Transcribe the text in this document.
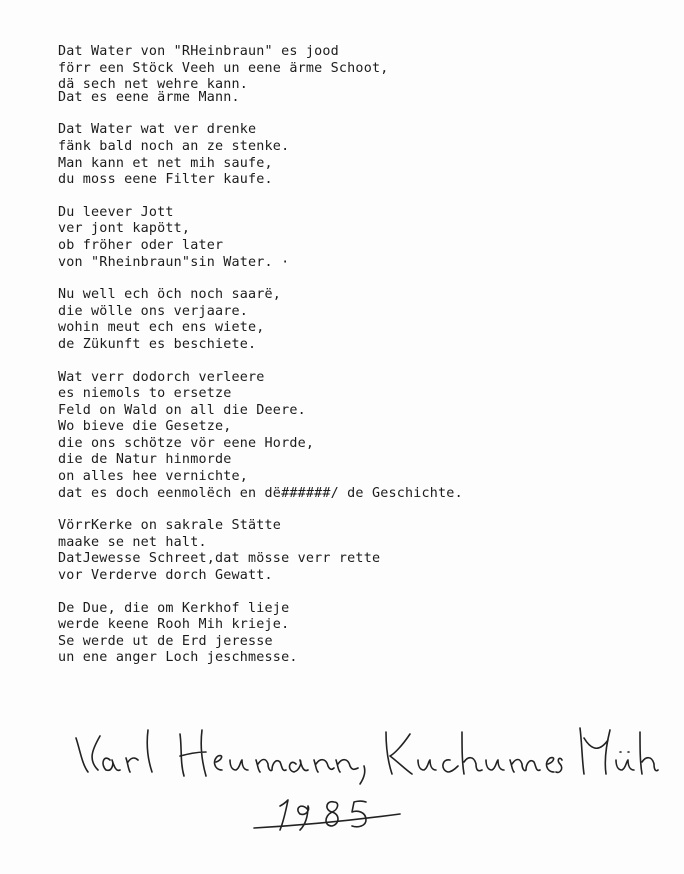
Dat Water von "RHeinbraun" es jood
förr een Stöck Veeh un eene ärme Schoot,
dä sech net wehre kann.
Dat es eene ärme Mann.
Dat Water wat ver drenke
fänk bald noch an ze stenke.
Man kann et net mih saufe,
du moss eene Filter kaufe.
Du leever Jott
ver jont kapött,
ob fröher oder later
von "Rheinbraun"sin Water. ·
Nu well ech öch noch saarë,
die wölle ons verjaare.
wohin meut ech ens wiete,
de Zükunft es beschiete.
Wat verr dodorch verleere
es niemols to ersetze
Feld on Wald on all die Deere.
Wo bieve die Gesetze,
die ons schötze vör eene Horde,
die de Natur hinmorde
on alles hee vernichte,
dat es doch eenmolëch en dë######/ de Geschichte.
VörrKerke on sakrale Stätte
maake se net halt.
DatJewesse Schreet,dat mösse verr rette
vor Verderve dorch Gewatt.
De Due, die om Kerkhof lieje
werde keene Rooh Mih krieje.
Se werde ut de Erd jeresse
un ene anger Loch jeschmesse.
